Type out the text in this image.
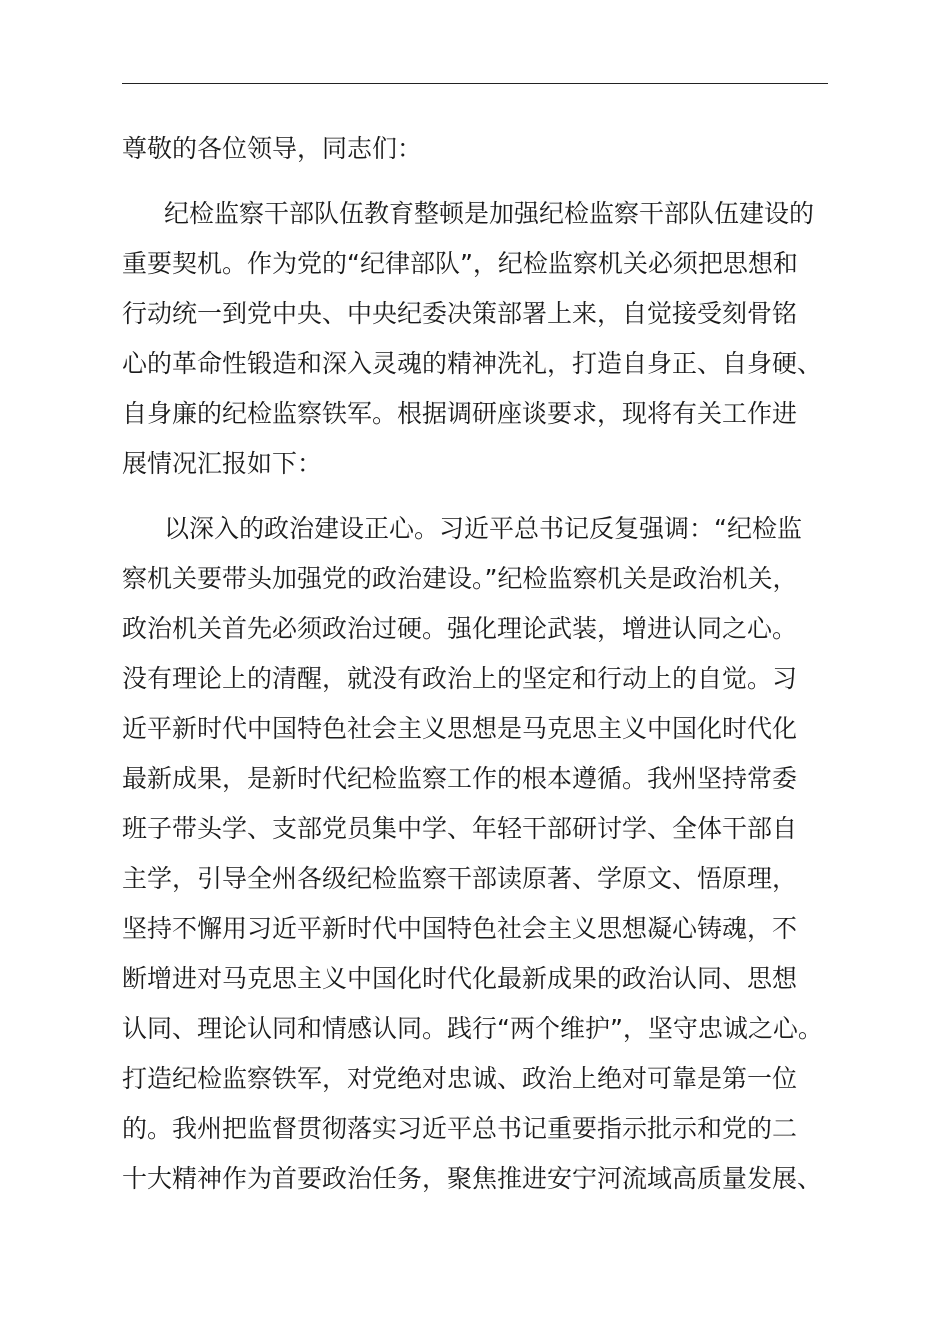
尊敬的各位领导，同志们：

纪检监察干部队伍教育整顿是加强纪检监察干部队伍建设的
重要契机。作为党的“纪律部队”，纪检监察机关必须把思想和
行动统一到党中央、中央纪委决策部署上来，自觉接受刻骨铭
心的革命性锻造和深入灵魂的精神洗礼，打造自身正、自身硬、
自身廉的纪检监察铁军。根据调研座谈要求，现将有关工作进
展情况汇报如下：
以深入的政治建设正心。习近平总书记反复强调：“纪检监
察机关要带头加强党的政治建设。”纪检监察机关是政治机关，
政治机关首先必须政治过硬。强化理论武装，增进认同之心。
没有理论上的清醒，就没有政治上的坚定和行动上的自觉。习
近平新时代中国特色社会主义思想是马克思主义中国化时代化
最新成果，是新时代纪检监察工作的根本遵循。我州坚持常委
班子带头学、支部党员集中学、年轻干部研讨学、全体干部自
主学，引导全州各级纪检监察干部读原著、学原文、悟原理，
坚持不懈用习近平新时代中国特色社会主义思想凝心铸魂，不
断增进对马克思主义中国化时代化最新成果的政治认同、思想
认同、理论认同和情感认同。践行“两个维护”，坚守忠诚之心。
打造纪检监察铁军，对党绝对忠诚、政治上绝对可靠是第一位
的。我州把监督贯彻落实习近平总书记重要指示批示和党的二
十大精神作为首要政治任务，聚焦推进安宁河流域高质量发展、
